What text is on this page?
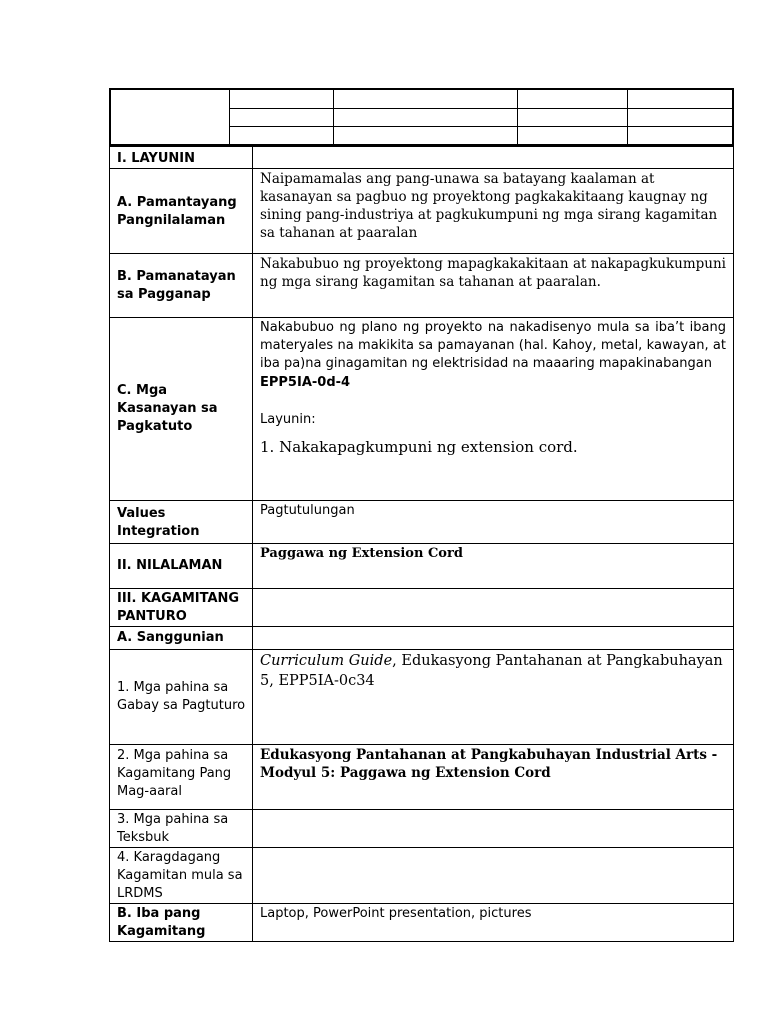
I. LAYUNIN	

A. Pamantayang Pangnilalaman	Naipamamalas ang pang-unawa sa batayang kaalaman at kasanayan sa pagbuo ng proyektong pagkakakitaang kaugnay ng sining pang-industriya at pagkukumpuni ng mga sirang kagamitan sa tahanan at paaralan

B. Pamanatayan sa Pagganap	Nakabubuo ng proyektong mapagkakakitaan at nakapagkukumpuni ng mga sirang kagamitan sa tahanan at paaralan.

C. Mga Kasanayan sa Pagkatuto	Nakabubuo ng plano ng proyekto na nakadisenyo mula sa iba’t ibang materyales na makikita sa pamayanan (hal. Kahoy, metal, kawayan, at iba pa)na ginagamitan ng elektrisidad na maaaring mapakinabangan
EPP5IA-0d-4
Layunin:
1. Nakakapagkumpuni ng extension cord.

Values Integration	Pagtutulungan

II. NILALAMAN	Paggawa ng Extension Cord

III. KAGAMITANG PANTURO	

A. Sanggunian	

1. Mga pahina sa Gabay sa Pagtuturo	Curriculum Guide, Edukasyong Pantahanan at Pangkabuhayan 5, EPP5IA-0c34

2. Mga pahina sa Kagamitang Pang Mag-aaral	Edukasyong Pantahanan at Pangkabuhayan Industrial Arts - Modyul 5: Paggawa ng Extension Cord

3. Mga pahina sa Teksbuk	

4. Karagdagang Kagamitan mula sa LRDMS	

B. Iba pang Kagamitang	Laptop, PowerPoint presentation, pictures
